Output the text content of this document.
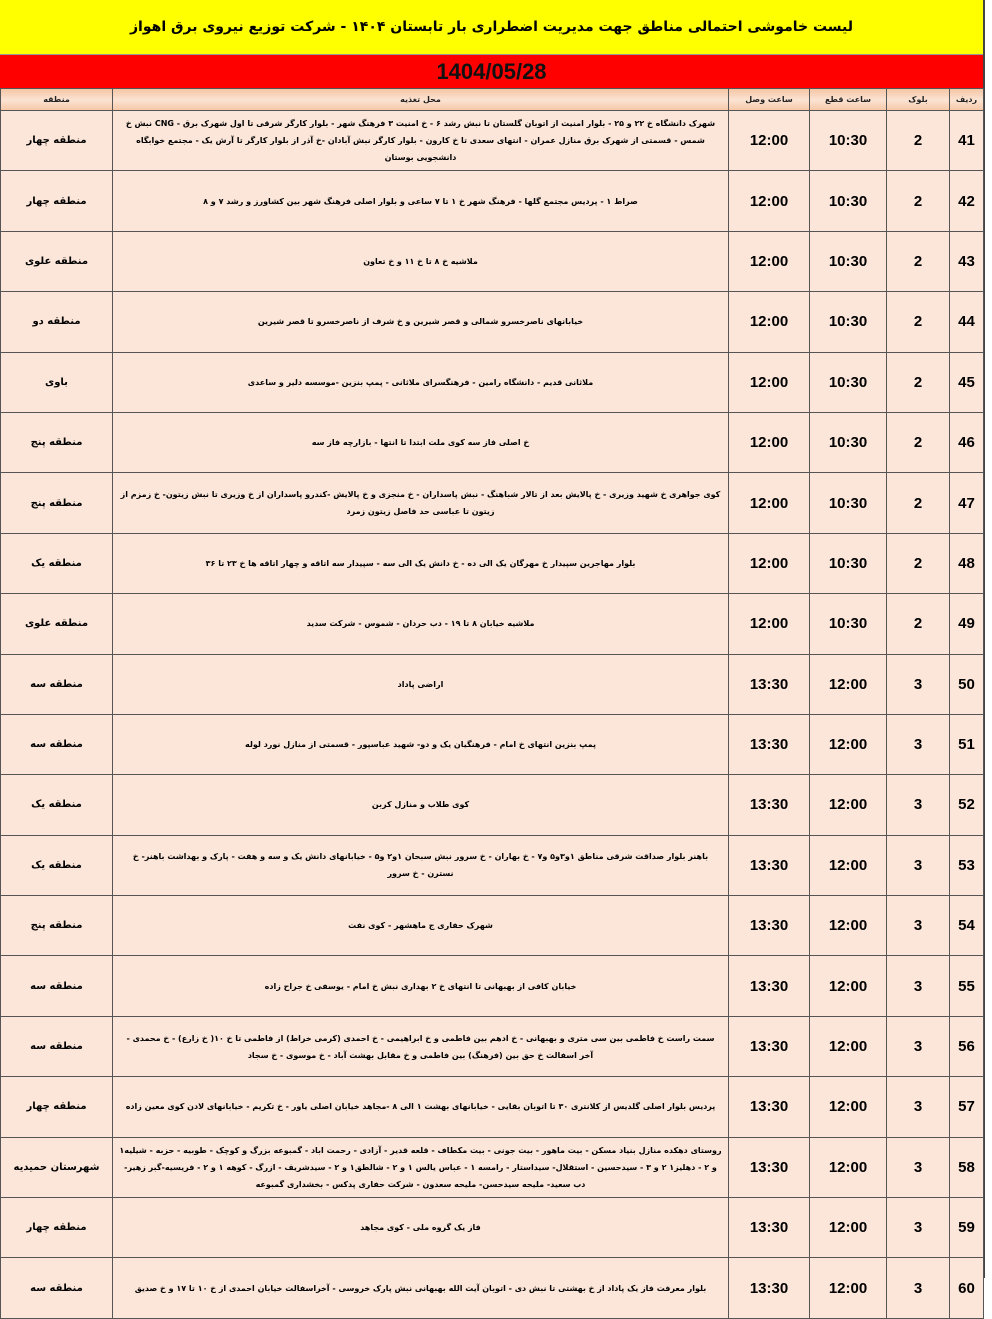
لیست خاموشی احتمالی مناطق جهت مدیریت اضطراری بار تابستان ۱۴۰۴ - شرکت توزیع نیروی برق اهواز
1404/05/28
ردیف	بلوک	ساعت قطع	ساعت وصل	محل تغذیه	منطقه
41	2	10:30	12:00	شهرک دانشگاه خ ۲۲ و ۲۵ - بلوار امنیت از اتوبان گلستان تا نبش رشد ۶ - خ امنیت ۳ فرهنگ شهر - بلوار کارگر شرقی تا اول شهرک برق - CNG نبش خ شمس - قسمتی از شهرک برق منازل عمران - انتهای سعدی تا خ کارون - بلوار کارگر نبش آبادان -خ آذر از بلوار کارگر تا آرش یک - مجتمع خوابگاه دانشجویی بوستان	منطقه چهار
42	2	10:30	12:00	صراط ۱ - پردیس مجتمع گلها - فرهنگ شهر خ ۱ تا ۷ ساعی و بلوار اصلی فرهنگ شهر بین کشاورز و رشد ۷ و ۸	منطقه چهار
43	2	10:30	12:00	ملاشیه خ ۸ تا خ ۱۱ و خ تعاون	منطقه علوی
44	2	10:30	12:00	خیابانهای ناصرخسرو شمالی و قصر شیرین و خ شرف از ناصرخسرو تا قصر شیرین	منطقه دو
45	2	10:30	12:00	ملاثانی قدیم - دانشگاه رامین - فرهنگسرای ملاثانی - پمپ بنزین -موسسه دلیر و ساعدی	باوی
46	2	10:30	12:00	خ اصلی فاز سه کوی ملت ابتدا تا انتها - بازارچه فاز سه	منطقه پنج
47	2	10:30	12:00	کوی جواهری خ شهید وزیری - خ پالایش بعد از تالار شباهنگ - نبش پاسداران - خ منجزی و خ پالایش -کندرو پاسداران از خ وزیری تا نبش زیتون- خ زمزم از زیتون تا عباسی حد فاصل زیتون زمرد	منطقه پنج
48	2	10:30	12:00	بلوار مهاجرین سپیدار خ مهرگان یک الی ده - خ دانش یک الی سه - سپیدار سه اتاقه و چهار اتاقه ها خ ۲۳ تا ۳۶	منطقه یک
49	2	10:30	12:00	ملاشیه خیابان ۸ تا ۱۹ - دب حردان - شموس - شرکت سدید	منطقه علوی
50	3	12:00	13:30	اراضی پاداد	منطقه سه
51	3	12:00	13:30	پمپ بنزین انتهای خ امام - فرهنگیان یک و دو- شهید عباسپور - قسمتی از منازل نورد لوله	منطقه سه
52	3	12:00	13:30	کوی طلاب و منازل کربن	منطقه یک
53	3	12:00	13:30	باهنر بلوار صداقت شرقی مناطق ۱و۳و۵ و۷ - خ بهاران - خ سرور نبش سبحان ۱و۲ و۵ - خیابانهای دانش یک و سه و هفت - پارک و بهداشت باهنر- خ نسترن - خ سرور	منطقه یک
54	3	12:00	13:30	شهرک حفاری ج ماهشهر - کوی نفت	منطقه پنج
55	3	12:00	13:30	خیابان کافی از بهبهانی تا انتهای خ ۲ بهداری نبش خ امام - یوسفی خ جراح زاده	منطقه سه
56	3	12:00	13:30	سمت راست خ فاطمی بین سی متری و بهبهانی - خ ادهم بین فاطمی و خ ابراهیمی - خ احمدی (کرمی خراط) از فاطمی تا خ ۱۰( خ زارع) - خ محمدی - آخر اسفالت خ حق بین (فرهنگ) بین فاطمی و خ مقابل بهشت آباد - خ موسوی - خ سجاد	منطقه سه
57	3	12:00	13:30	پردیس بلوار اصلی گلدیس از کلانتری ۳۰ تا اتوبان بقایی - خیابانهای بهشت ۱ الی ۸ -مجاهد خیابان اصلی یاور - خ تکریم - خیابانهای لادن کوی معین زاده	منطقه چهار
58	3	12:00	13:30	روستای دهکده منازل بنیاد مسکن - بیت ماهور - بیت جونی - بیت مکطاف - قلعه قدیر - آزادی - رحمت اباد - گمبوعه بزرگ و کوچک - طوبیه - حزبه - شیلیه۱ و ۲ - دهلیز۱ ۲ و ۳ - سیدحسین - استقلال- سیداستار - رامسه ۱ - عباس یالس ۱ و ۲ - شالطق۱ و ۲ - سیدشریف - ازرگ - کوهه ۱ و ۲ - فریسیه-گبر زهیر- دب سعید- ملیحه سیدحسن- ملیحه سعدون - شرکت حفاری پدکس - بخشداری گمبوعه	شهرستان حمیدیه
59	3	12:00	13:30	فاز یک گروه ملی - کوی مجاهد	منطقه چهار
60	3	12:00	13:30	بلوار معرفت فاز یک پاداد از خ بهشتی تا نبش دی - اتوبان آیت الله بهبهانی نبش پارک خروسی - آخراسفالت خیابان احمدی از خ ۱۰ تا ۱۷ و خ صدیق	منطقه سه
